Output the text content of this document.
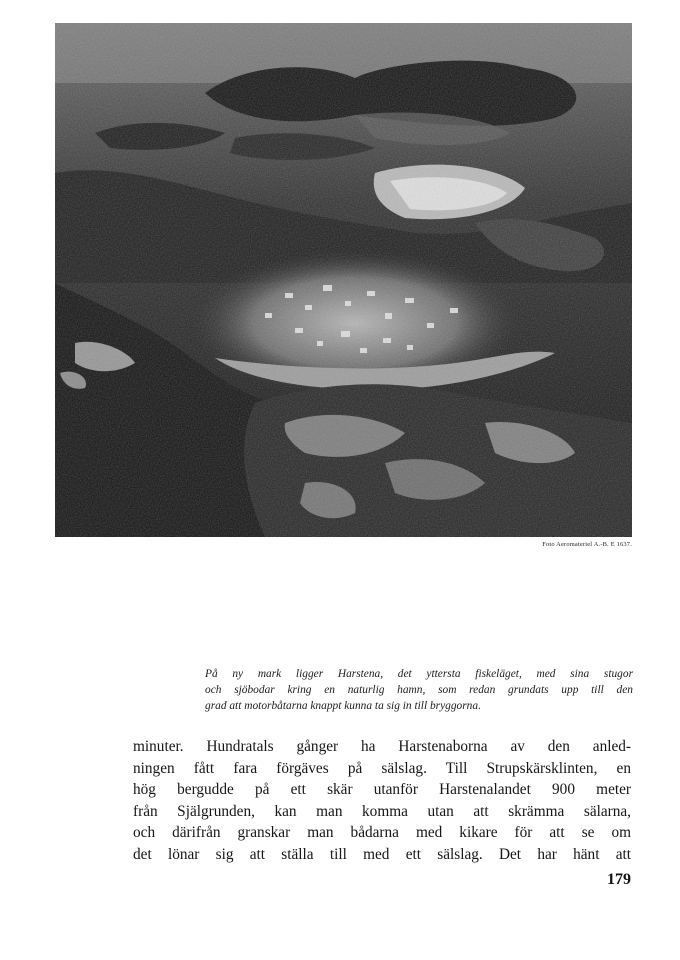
Foto Aeromateriel A.-B. E 1637.
På ny mark ligger Harstena, det yttersta fiskeläget, med sina stugor
och sjöbodar kring en naturlig hamn, som redan grundats upp till den
grad att motorbåtarna knappt kunna ta sig in till bryggorna.
minuter. Hundratals gånger ha Harstenaborna av den anled-
ningen fått fara förgäves på sälslag. Till Strupskärsklinten, en
hög bergudde på ett skär utanför Harstenalandet 900 meter
från Själgrunden, kan man komma utan att skrämma sälarna,
och därifrån granskar man bådarna med kikare för att se om
det lönar sig att ställa till med ett sälslag. Det har hänt att
179
